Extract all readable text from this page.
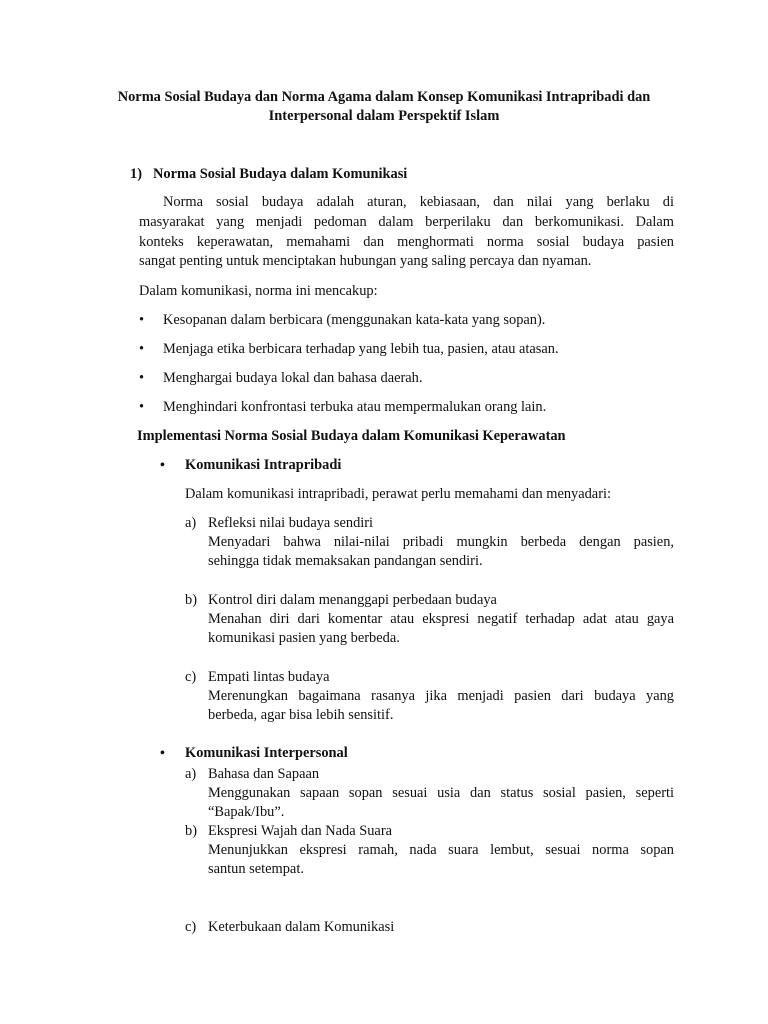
Norma Sosial Budaya dan Norma Agama dalam Konsep Komunikasi Intrapribadi dan
Interpersonal dalam Perspektif Islam
1) Norma Sosial Budaya dalam Komunikasi
Norma sosial budaya adalah aturan, kebiasaan, dan nilai yang berlaku di
masyarakat yang menjadi pedoman dalam berperilaku dan berkomunikasi. Dalam
konteks keperawatan, memahami dan menghormati norma sosial budaya pasien
sangat penting untuk menciptakan hubungan yang saling percaya dan nyaman.
Dalam komunikasi, norma ini mencakup:
• Kesopanan dalam berbicara (menggunakan kata-kata yang sopan).
• Menjaga etika berbicara terhadap yang lebih tua, pasien, atau atasan.
• Menghargai budaya lokal dan bahasa daerah.
• Menghindari konfrontasi terbuka atau mempermalukan orang lain.
Implementasi Norma Sosial Budaya dalam Komunikasi Keperawatan
• Komunikasi Intrapribadi
Dalam komunikasi intrapribadi, perawat perlu memahami dan menyadari:
a) Refleksi nilai budaya sendiri
Menyadari bahwa nilai-nilai pribadi mungkin berbeda dengan pasien,
sehingga tidak memaksakan pandangan sendiri.
b) Kontrol diri dalam menanggapi perbedaan budaya
Menahan diri dari komentar atau ekspresi negatif terhadap adat atau gaya
komunikasi pasien yang berbeda.
c) Empati lintas budaya
Merenungkan bagaimana rasanya jika menjadi pasien dari budaya yang
berbeda, agar bisa lebih sensitif.
• Komunikasi Interpersonal
a) Bahasa dan Sapaan
Menggunakan sapaan sopan sesuai usia dan status sosial pasien, seperti
“Bapak/Ibu”.
b) Ekspresi Wajah dan Nada Suara
Menunjukkan ekspresi ramah, nada suara lembut, sesuai norma sopan
santun setempat.
c) Keterbukaan dalam Komunikasi
